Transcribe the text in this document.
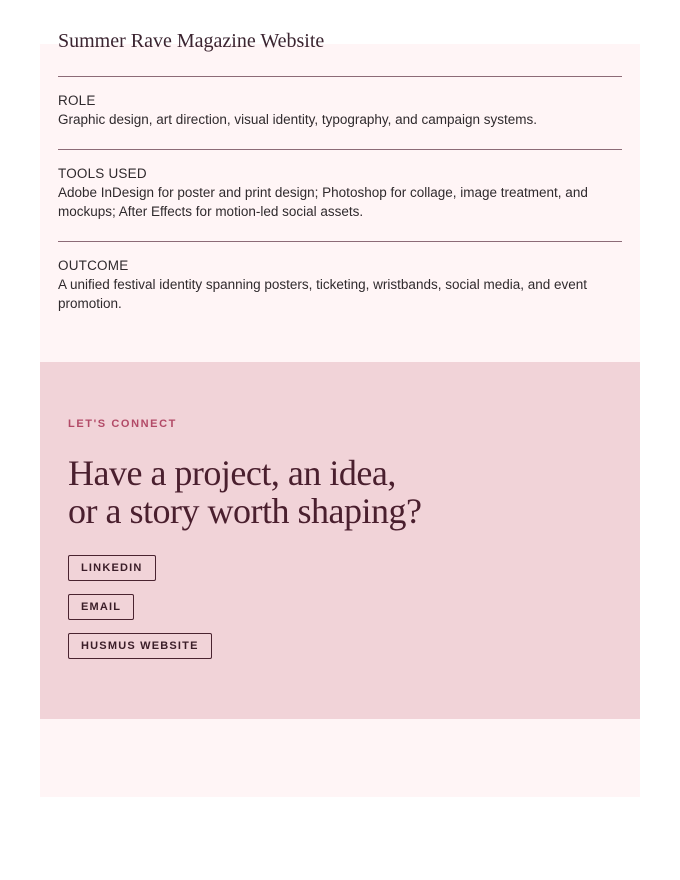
Summer Rave Magazine Website
ROLE
Graphic design, art direction, visual identity, typography, and campaign systems.
TOOLS USED
Adobe InDesign for poster and print design; Photoshop for collage, image treatment, and mockups; After Effects for motion-led social assets.
OUTCOME
A unified festival identity spanning posters, ticketing, wristbands, social media, and event promotion.
LET'S CONNECT
Have a project, an idea,
or a story worth shaping?
LINKEDIN
EMAIL
HUSMUS WEBSITE
